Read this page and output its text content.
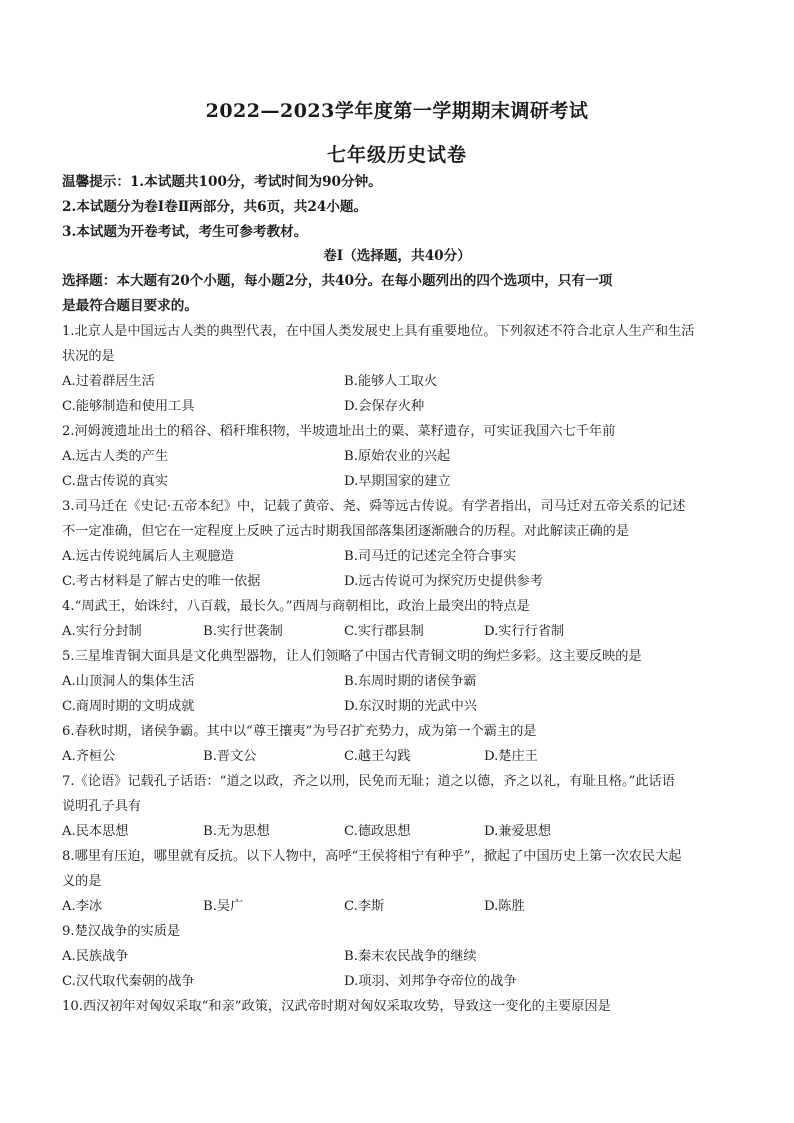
2022—2023学年度第一学期期末调研考试
七年级历史试卷
温馨提示：1.本试题共100分，考试时间为90分钟。
2.本试题分为卷Ⅰ卷Ⅱ两部分，共6页，共24小题。
3.本试题为开卷考试，考生可参考教材。
卷Ⅰ（选择题，共40分）
选择题：本大题有20个小题，每小题2分，共40分。在每小题列出的四个选项中，只有一项
是最符合题目要求的。
1.北京人是中国远古人类的典型代表，在中国人类发展史上具有重要地位。下列叙述不符合北京人生产和生活
状况的是
A.过着群居生活	B.能够人工取火
C.能够制造和使用工具	D.会保存火种
2.河姆渡遗址出土的稻谷、稻秆堆积物，半坡遗址出土的粟、菜籽遗存，可实证我国六七千年前
A.远古人类的产生	B.原始农业的兴起
C.盘古传说的真实	D.早期国家的建立
3.司马迁在《史记·五帝本纪》中，记载了黄帝、尧、舜等远古传说。有学者指出，司马迁对五帝关系的记述
不一定准确，但它在一定程度上反映了远古时期我国部落集团逐渐融合的历程。对此解读正确的是
A.远古传说纯属后人主观臆造	B.司马迁的记述完全符合事实
C.考古材料是了解古史的唯一依据	D.远古传说可为探究历史提供参考
4.“周武王，始诛纣，八百载，最长久。”西周与商朝相比，政治上最突出的特点是
A.实行分封制	B.实行世袭制	C.实行郡县制	D.实行行省制
5.三星堆青铜大面具是文化典型器物，让人们领略了中国古代青铜文明的绚烂多彩。这主要反映的是
A.山顶洞人的集体生活	B.东周时期的诸侯争霸
C.商周时期的文明成就	D.东汉时期的光武中兴
6.春秋时期，诸侯争霸。其中以“尊王攘夷”为号召扩充势力，成为第一个霸主的是
A.齐桓公	B.晋文公	C.越王勾践	D.楚庄王
7.《论语》记载孔子话语：“道之以政，齐之以刑，民免而无耻；道之以德，齐之以礼，有耻且格。”此话语
说明孔子具有
A.民本思想	B.无为思想	C.德政思想	D.兼爱思想
8.哪里有压迫，哪里就有反抗。以下人物中，高呼“王侯将相宁有种乎”，掀起了中国历史上第一次农民大起
义的是
A.李冰	B.吴广	C.李斯	D.陈胜
9.楚汉战争的实质是
A.民族战争	B.秦末农民战争的继续
C.汉代取代秦朝的战争	D.项羽、刘邦争夺帝位的战争
10.西汉初年对匈奴采取“和亲”政策，汉武帝时期对匈奴采取攻势，导致这一变化的主要原因是
